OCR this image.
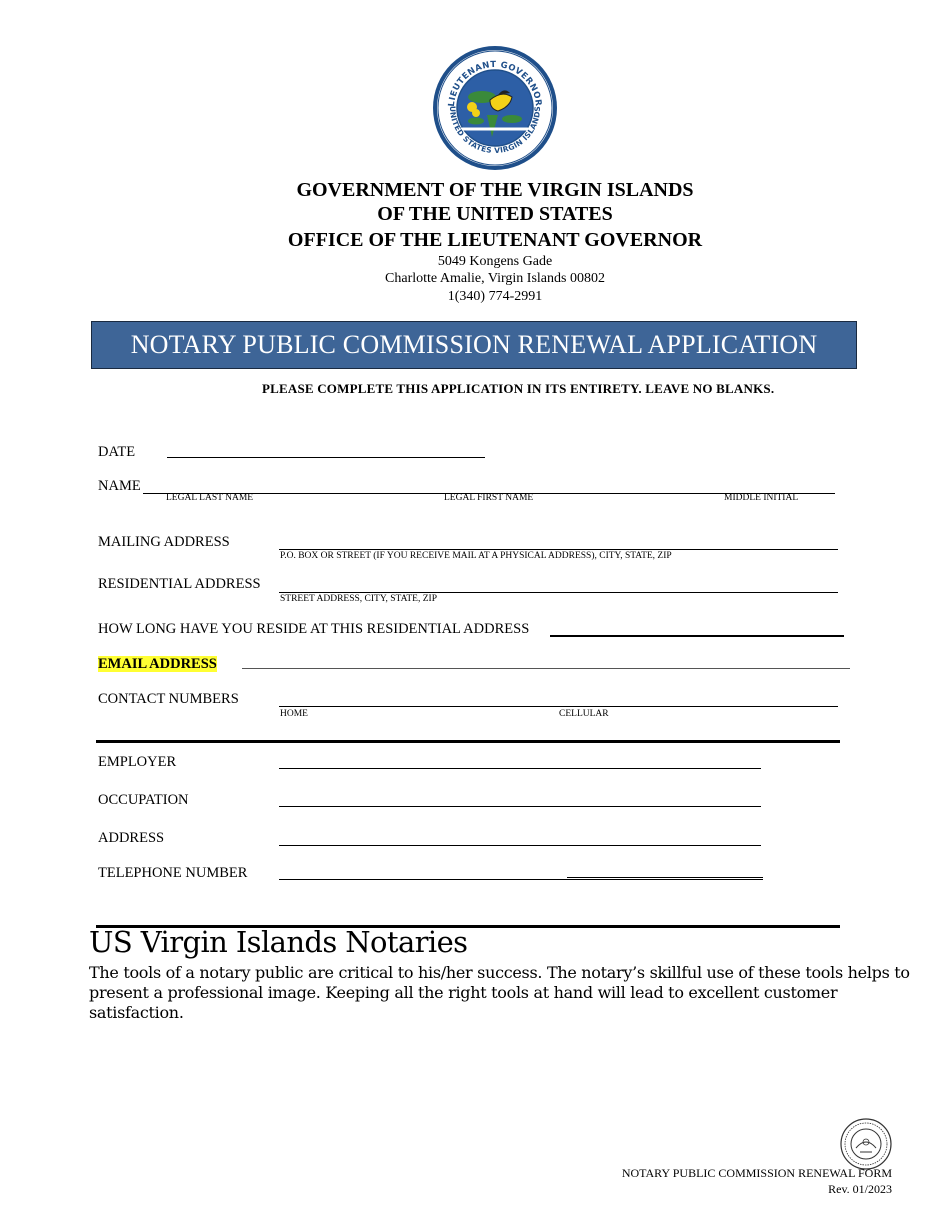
LIEUTENANT GOVERNOR
UNITED STATES VIRGIN ISLANDS
GOVERNMENT OF THE VIRGIN ISLANDS
OF THE UNITED STATES
OFFICE OF THE LIEUTENANT GOVERNOR
5049 Kongens Gade
Charlotte Amalie, Virgin Islands 00802
1(340) 774-2991
NOTARY PUBLIC COMMISSION RENEWAL APPLICATION
PLEASE COMPLETE THIS APPLICATION IN ITS ENTIRETY. LEAVE NO BLANKS.
DATE
NAME
LEGAL LAST NAME	LEGAL FIRST NAME	MIDDLE INITIAL
MAILING ADDRESS
P.O. BOX OR STREET (IF YOU RECEIVE MAIL AT A PHYSICAL ADDRESS), CITY, STATE, ZIP
RESIDENTIAL ADDRESS
STREET ADDRESS, CITY, STATE, ZIP
HOW LONG HAVE YOU RESIDE AT THIS RESIDENTIAL ADDRESS
EMAIL ADDRESS
CONTACT NUMBERS
HOME	CELLULAR
EMPLOYER
OCCUPATION
ADDRESS
TELEPHONE NUMBER
US Virgin Islands Notaries
The tools of a notary public are critical to his/her success. The notary’s skillful use of these tools helps to present a professional image. Keeping all the right tools at hand will lead to excellent customer satisfaction.
NOTARY PUBLIC COMMISSION RENEWAL FORM
Rev. 01/2023
